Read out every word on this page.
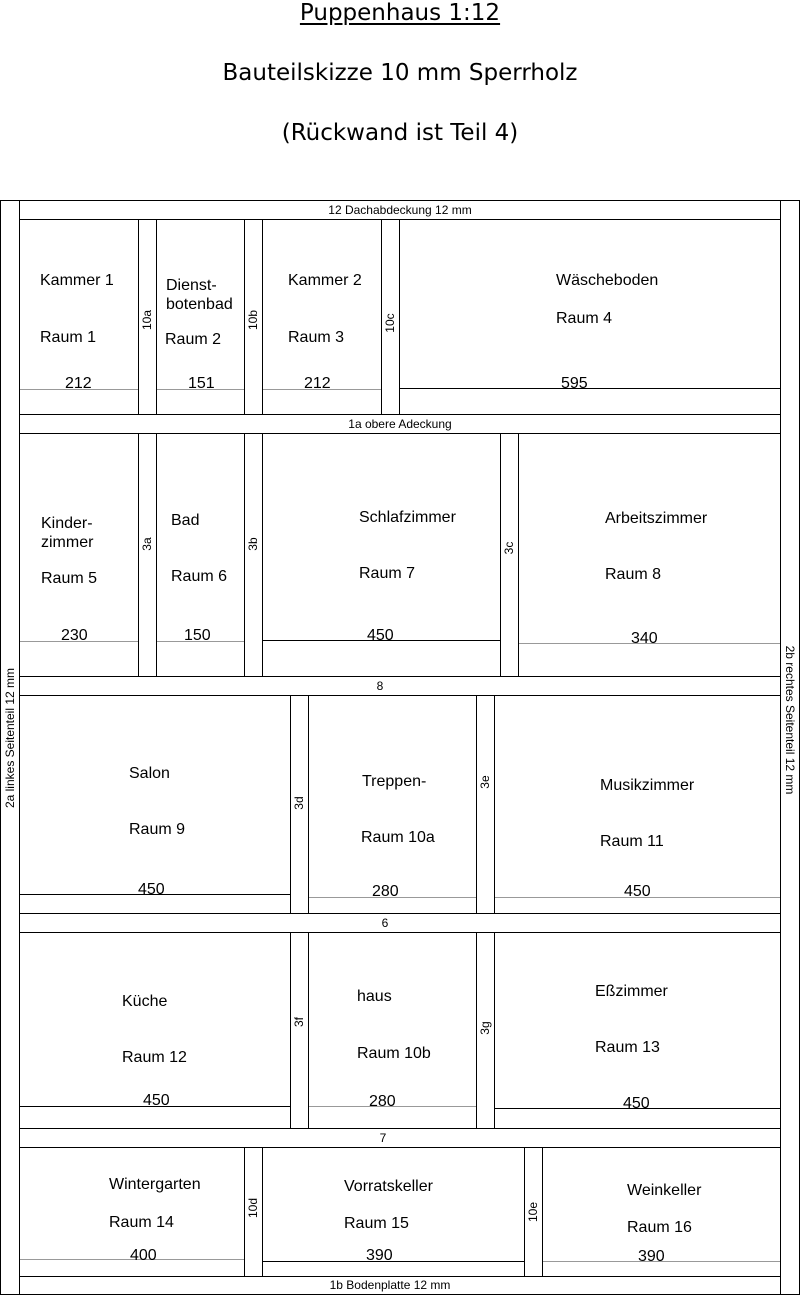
Puppenhaus 1:12
Bauteilskizze 10 mm Sperrholz
(Rückwand ist Teil 4)
2a linkes Seitenteil 12 mm	2b rechtes Seitenteil 12 mm
12 Dachabdeckung 12 mm
1a obere Adeckung
8
6
7
1b Bodenplatte 12 mm
10a	10b	10c
3a	3b	3c
3d
3e
3f	3g
10d	10e
Kammer 1
Raum 1
212
Dienst-
botenbad
Raum 2
151
Kammer 2
Raum 3
212
Wäscheboden
Raum 4
595
Kinder-
zimmer
Raum 5
230
Bad
Raum 6
150
Schlafzimmer
Raum 7
450
Arbeitszimmer
Raum 8
340
Salon
Raum 9
450
Treppen-
Raum 10a
280
Musikzimmer
Raum 11
450
Küche
Raum 12
450
haus
Raum 10b
280
Eßzimmer
Raum 13
450
Wintergarten
Raum 14
400
Vorratskeller
Raum 15
390
Weinkeller
Raum 16
390
